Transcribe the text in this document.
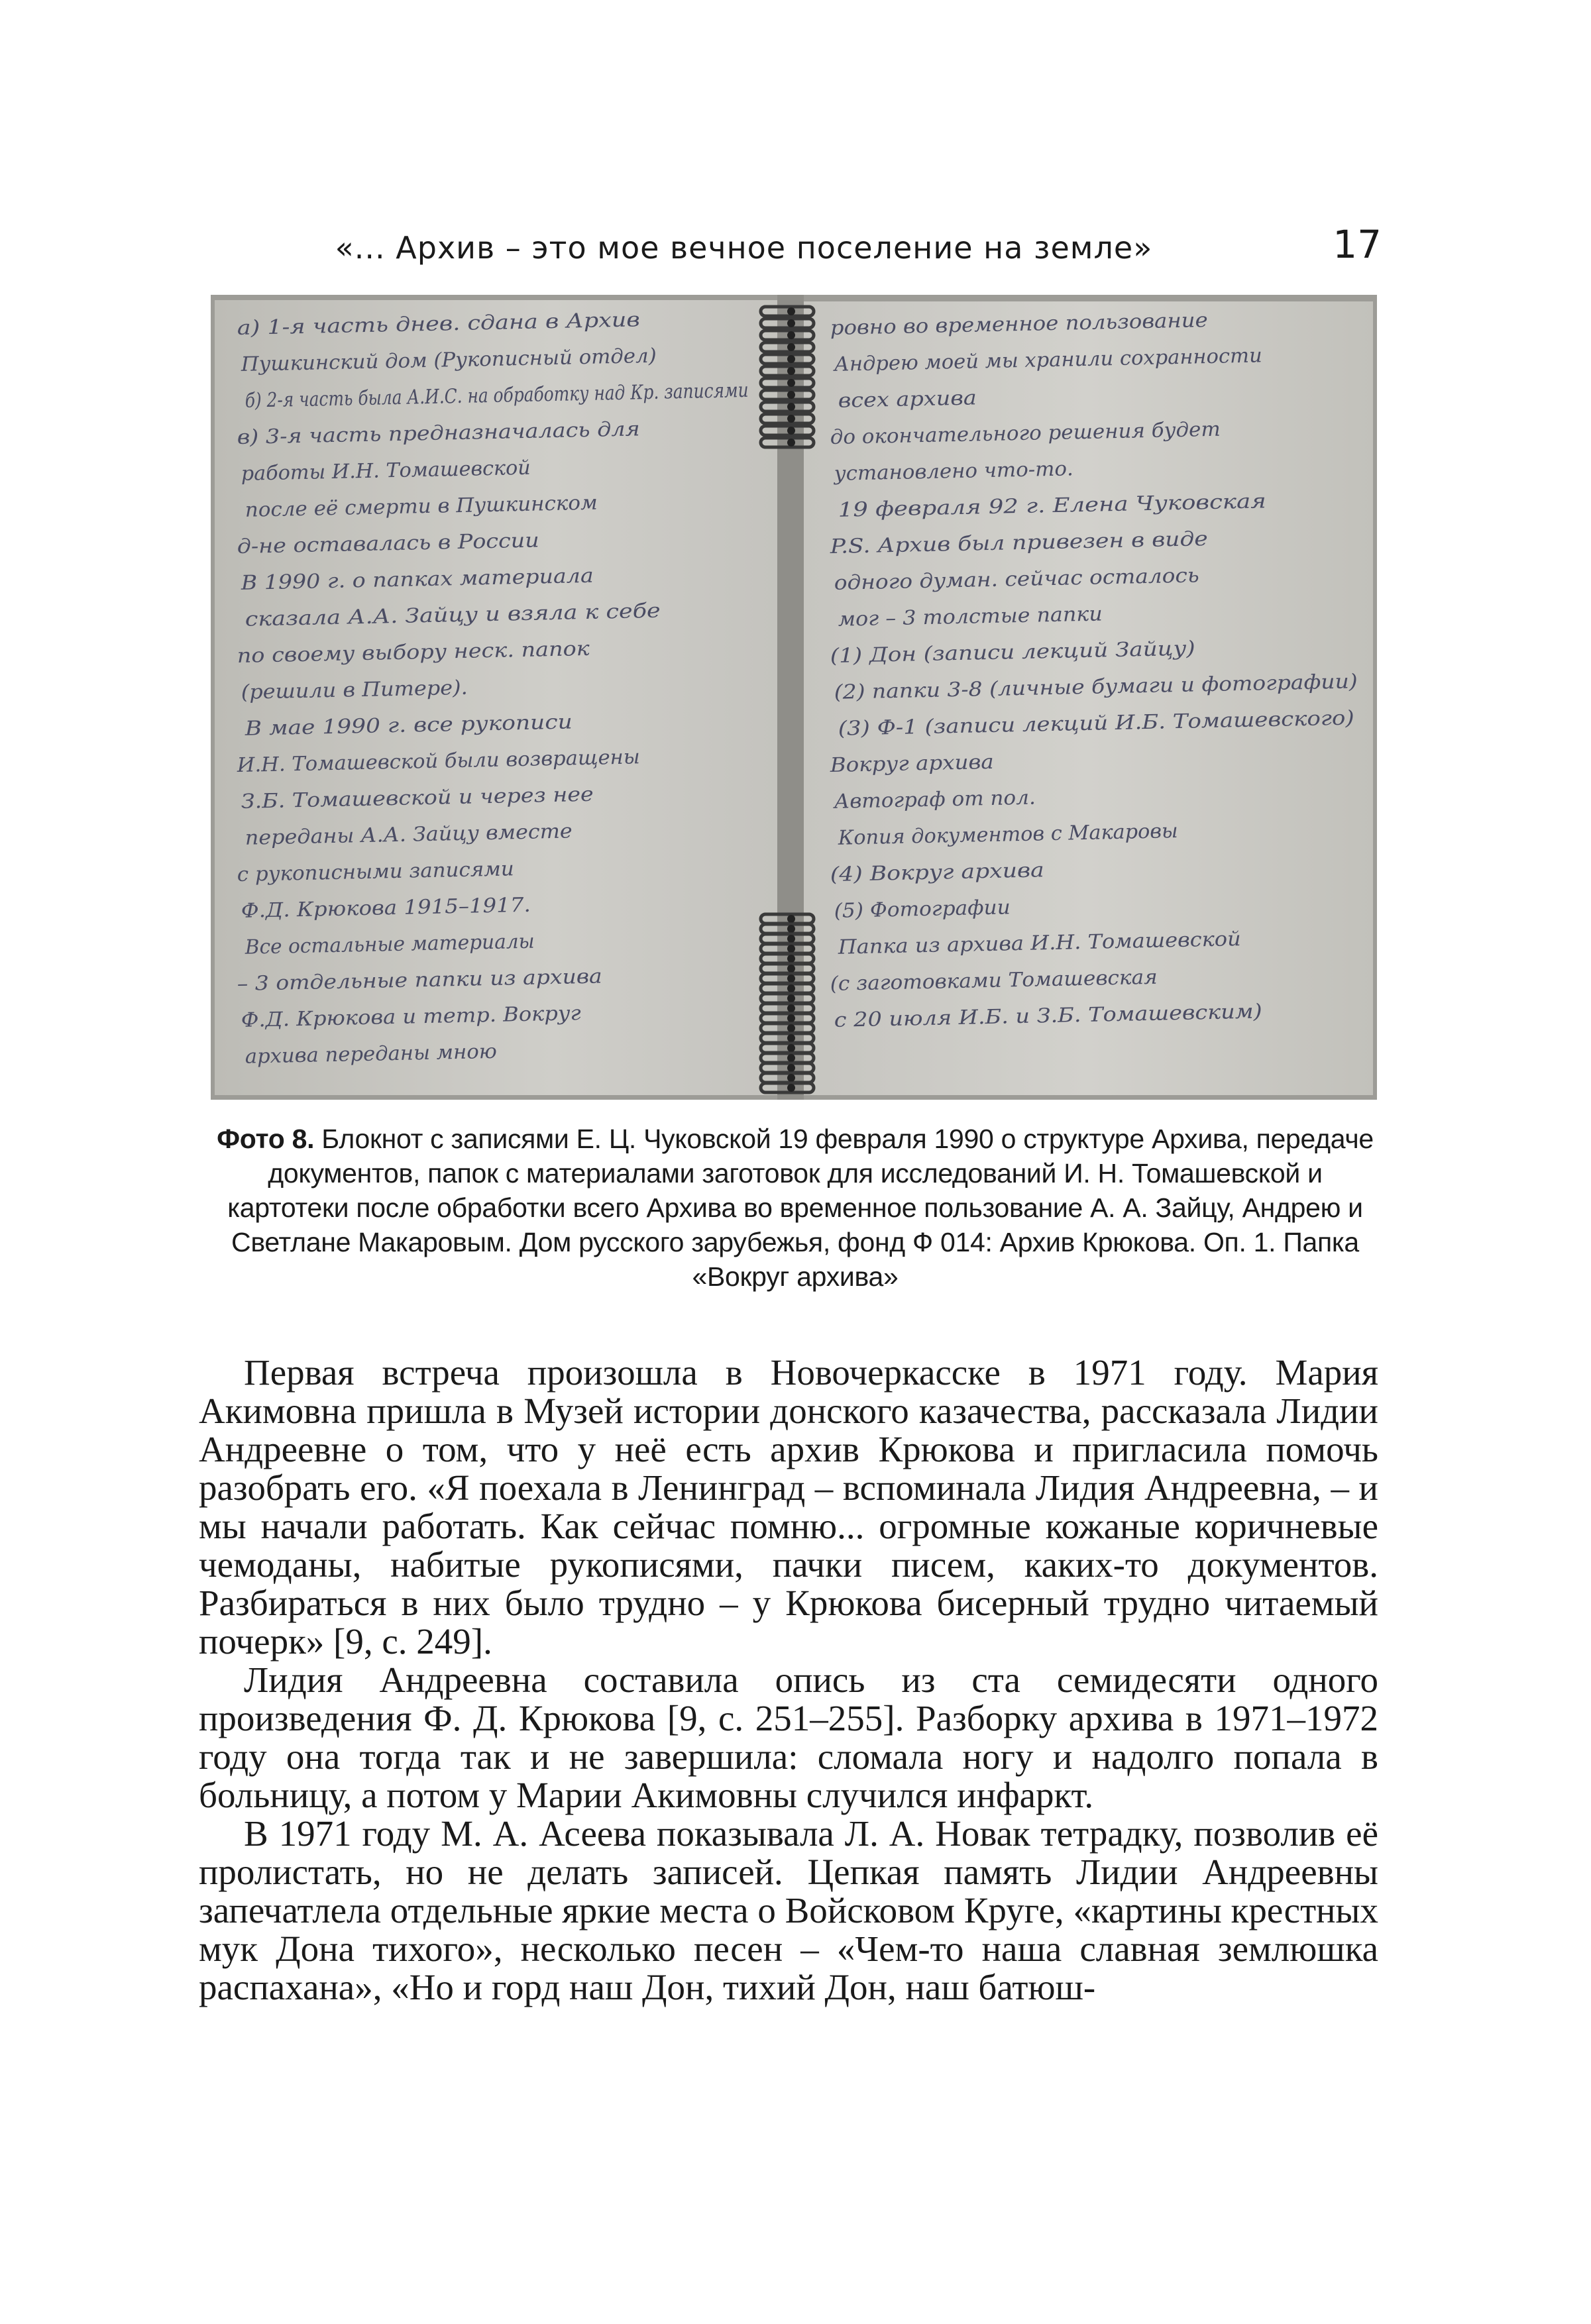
«... Архив – это мое вечное поселение на земле»	17
а) 1-я часть днев. сдана в Архив
Пушкинский дом (Рукописный отдел)
б) 2-я часть была А.И.С. на обработку над Кр. записями
в) 3-я часть предназначалась для
работы И.Н. Томашевской
после её смерти в Пушкинском
д-не оставалась в России
В 1990 г. о папках материала
сказала А.А. Зайцу и взяла к себе
по своему выбору неск. папок
(решили в Питере).
В мае 1990 г. все рукописи
И.Н. Томашевской были возвращены
З.Б. Томашевской и через нее
переданы А.А. Зайцу вместе
с рукописными записями
Ф.Д. Крюкова 1915–1917.
Все остальные материалы
– 3 отдельные папки из архива
Ф.Д. Крюкова и тетр. Вокруг
архива переданы мною
ровно во временное пользование
Андрею моей мы хранили сохранности
всех архива
до окончательного решения будет
установлено что-то.
19 февраля 92 г. Елена Чуковская
P.S. Архив был привезен в виде
одного думан. сейчас осталось
мог – 3 толстые папки
(1) Дон (записи лекций Зайцу)
(2) папки 3-8 (личные бумаги и фотографии)
(3) Ф-1 (записи лекций И.Б. Томашевского)
Вокруг архива
Автограф от пол.
Копия документов с Макаровы
(4) Вокруг архива
(5) Фотографии
Папка из архива И.Н. Томашевской
(с заготовками Томашевская
с 20 июля И.Б. и З.Б. Томашевским)
Фото 8. Блокнот с записями Е. Ц. Чуковской 19 февраля 1990 о структуре Архива, передаче документов, папок с материалами заготовок для исследований И. Н. Томашевской и картотеки после обработки всего Архива во временное пользование А. А. Зайцу, Андрею и Светлане Макаровым. Дом русского зарубежья, фонд Ф 014: Архив Крюкова. Оп. 1. Папка «Вокруг архива»

Первая встреча произошла в Новочеркасске в 1971 году. Мария Акимовна пришла в Музей истории донского казачества, рассказала Лидии Андреевне о том, что у неё есть архив Крюкова и пригласила помочь разобрать его. «Я поехала в Ленинград – вспоминала Лидия Андреевна, – и мы начали работать. Как сейчас помню... огромные кожаные коричневые чемоданы, набитые рукописями, пачки писем, каких-то документов. Разбираться в них было трудно – у Крюкова бисерный трудно читаемый почерк» [9, с. 249].

Лидия Андреевна составила опись из ста семидесяти одного произведения Ф. Д. Крюкова [9, с. 251–255]. Разборку архива в 1971–1972 году она тогда так и не завершила: сломала ногу и надолго попала в больницу, а потом у Марии Акимовны случился инфаркт.

В 1971 году М. А. Асеева показывала Л. А. Новак тетрадку, позволив её пролистать, но не делать записей. Цепкая память Лидии Андреевны запечатлела отдельные яркие места о Войсковом Круге, «картины крестных мук Дона тихого», несколько песен – «Чем-то наша славная землюшка распахана», «Но и горд наш Дон, тихий Дон, наш батюш-
